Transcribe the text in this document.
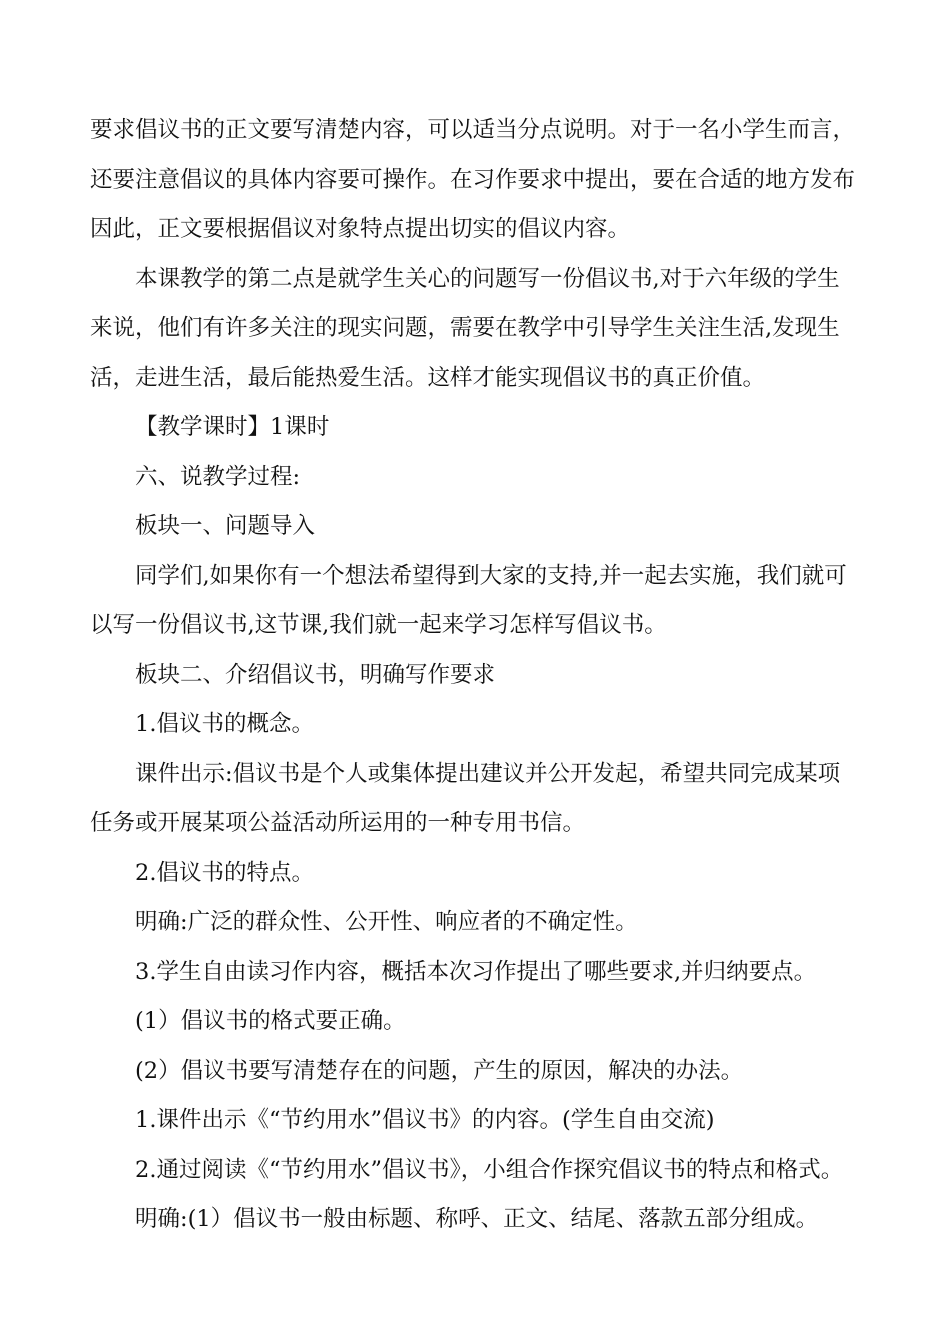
要求倡议书的正文要写清楚内容，可以适当分点说明。对于一名小学生而言，

还要注意倡议的具体内容要可操作。在习作要求中提出，要在合适的地方发布

因此，正文要根据倡议对象特点提出切实的倡议内容。

本课教学的第二点是就学生关心的问题写一份倡议书,对于六年级的学生

来说，他们有许多关注的现实问题，需要在教学中引导学生关注生活,发现生

活，走进生活，最后能热爱生活。这样才能实现倡议书的真正价值。

【教学课时】1课时

六、说教学过程:

板块一、问题导入

同学们,如果你有一个想法希望得到大家的支持,并一起去实施，我们就可

以写一份倡议书,这节课,我们就一起来学习怎样写倡议书。

板块二、介绍倡议书，明确写作要求

1.倡议书的概念。

课件出示:倡议书是个人或集体提出建议并公开发起，希望共同完成某项

任务或开展某项公益活动所运用的一种专用书信。

2.倡议书的特点。

明确:广泛的群众性、公开性、响应者的不确定性。

3.学生自由读习作内容，概括本次习作提出了哪些要求,并归纳要点。

(1）倡议书的格式要正确。

(2）倡议书要写清楚存在的问题，产生的原因，解决的办法。

1.课件出示《“节约用水”倡议书》的内容。(学生自由交流)

2.通过阅读《“节约用水”倡议书》，小组合作探究倡议书的特点和格式。

明确:(1）倡议书一般由标题、称呼、正文、结尾、落款五部分组成。
